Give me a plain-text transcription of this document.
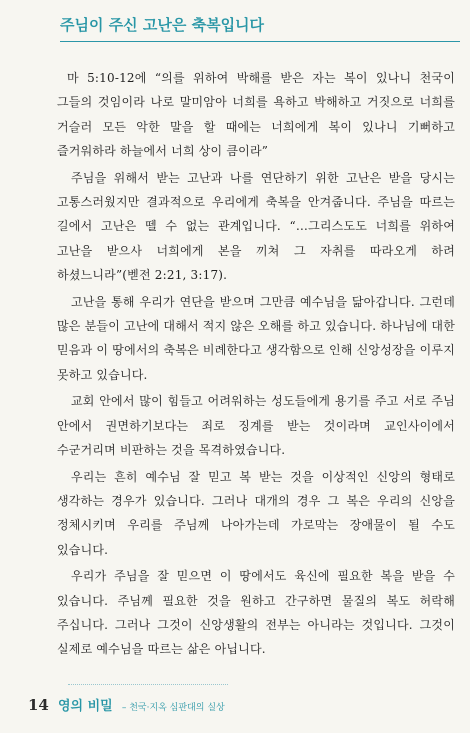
주님이 주신 고난은 축복입니다

마 5:10-12에 “의를 위하여 박해를 받은 자는 복이 있나니 천국이 그들의 것임이라 나로 말미암아 너희를 욕하고 박해하고 거짓으로 너희를 거슬러 모든 악한 말을 할 때에는 너희에게 복이 있나니 기뻐하고 즐거워하라 하늘에서 너희 상이 큼이라”

주님을 위해서 받는 고난과 나를 연단하기 위한 고난은 받을 당시는 고통스러웠지만 결과적으로 우리에게 축복을 안겨줍니다. 주님을 따르는 길에서 고난은 뗄 수 없는 관계입니다. “…그리스도도 너희를 위하여 고난을 받으사 너희에게 본을 끼쳐 그 자취를 따라오게 하려 하셨느니라”(벧전 2:21, 3:17).

고난을 통해 우리가 연단을 받으며 그만큼 예수님을 닮아갑니다. 그런데 많은 분들이 고난에 대해서 적지 않은 오해를 하고 있습니다. 하나님에 대한 믿음과 이 땅에서의 축복은 비례한다고 생각함으로 인해 신앙성장을 이루지 못하고 있습니다.

교회 안에서 많이 힘들고 어려워하는 성도들에게 용기를 주고 서로 주님 안에서 권면하기보다는 죄로 징계를 받는 것이라며 교인사이에서 수군거리며 비판하는 것을 목격하였습니다.

우리는 흔히 예수님 잘 믿고 복 받는 것을 이상적인 신앙의 형태로 생각하는 경우가 있습니다. 그러나 대개의 경우 그 복은 우리의 신앙을 정체시키며 우리를 주님께 나아가는데 가로막는 장애물이 될 수도 있습니다.

우리가 주님을 잘 믿으면 이 땅에서도 육신에 필요한 복을 받을 수 있습니다. 주님께 필요한 것을 원하고 간구하면 물질의 복도 허락해 주십니다. 그러나 그것이 신앙생활의 전부는 아니라는 것입니다. 그것이 실제로 예수님을 따르는 삶은 아닙니다.

14 영의 비밀 – 천국·지옥 심판대의 실상
